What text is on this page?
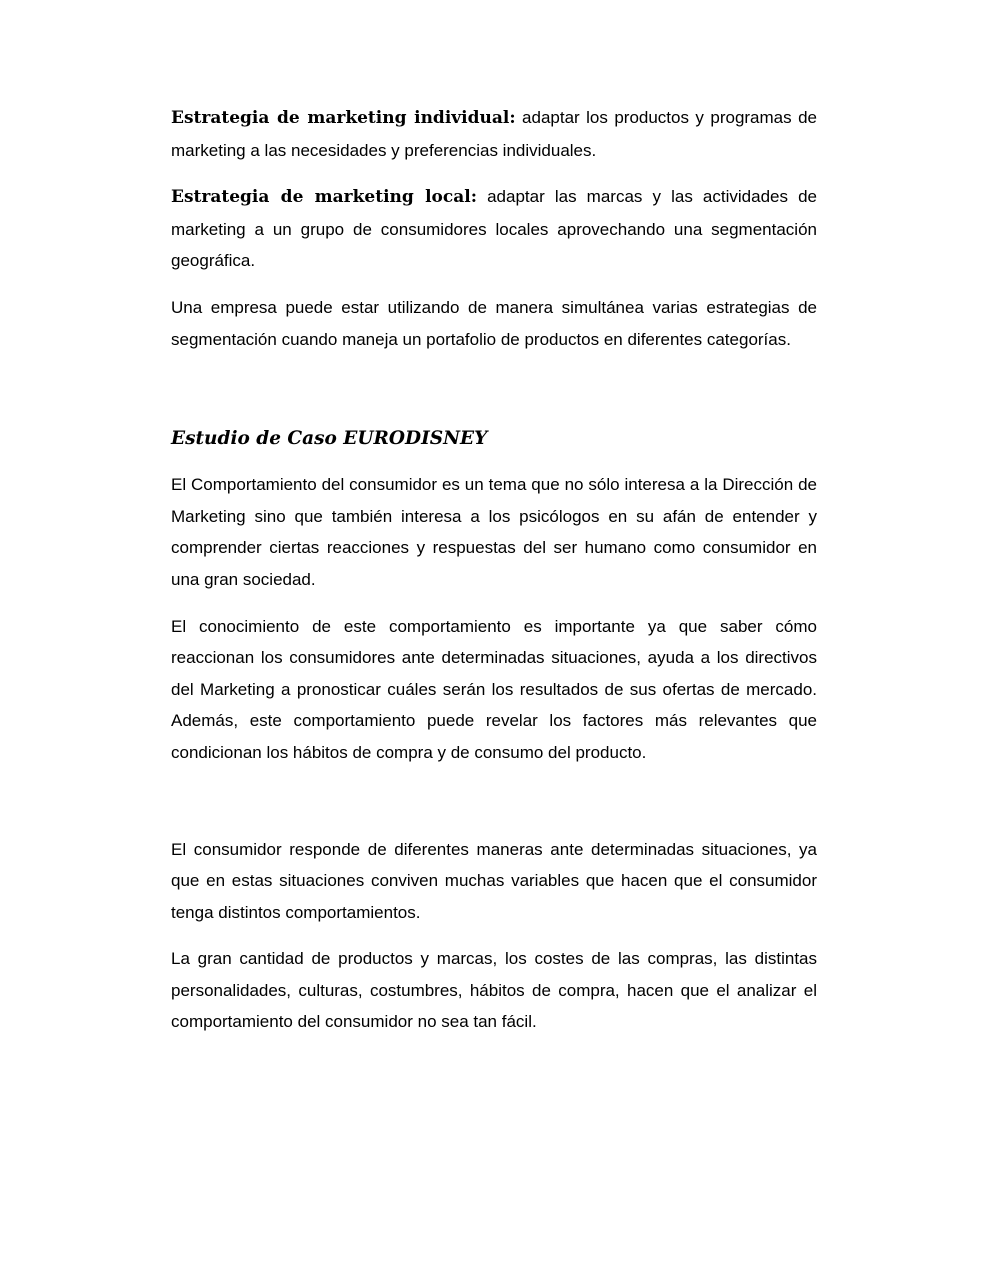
Estrategia de marketing individual: adaptar los productos y programas de marketing a las necesidades y preferencias individuales.

Estrategia de marketing local: adaptar las marcas y las actividades de marketing a un grupo de consumidores locales aprovechando una segmentación geográfica.

Una empresa puede estar utilizando de manera simultánea varias estrategias de segmentación cuando maneja un portafolio de productos en diferentes categorías.

Estudio de Caso EURODISNEY

El Comportamiento del consumidor es un tema que no sólo interesa a la Dirección de Marketing sino que también interesa a los psicólogos en su afán de entender y comprender ciertas reacciones y respuestas del ser humano como consumidor en una gran sociedad.

El conocimiento de este comportamiento es importante ya que saber cómo reaccionan los consumidores ante determinadas situaciones, ayuda a los directivos del Marketing a pronosticar cuáles serán los resultados de sus ofertas de mercado. Además, este comportamiento puede revelar los factores más relevantes que condicionan los hábitos de compra y de consumo del producto.

El consumidor responde de diferentes maneras ante determinadas situaciones, ya que en estas situaciones conviven muchas variables que hacen que el consumidor tenga distintos comportamientos.

La gran cantidad de productos y marcas, los costes de las compras, las distintas personalidades, culturas, costumbres, hábitos de compra, hacen que el analizar el comportamiento del consumidor no sea tan fácil.
